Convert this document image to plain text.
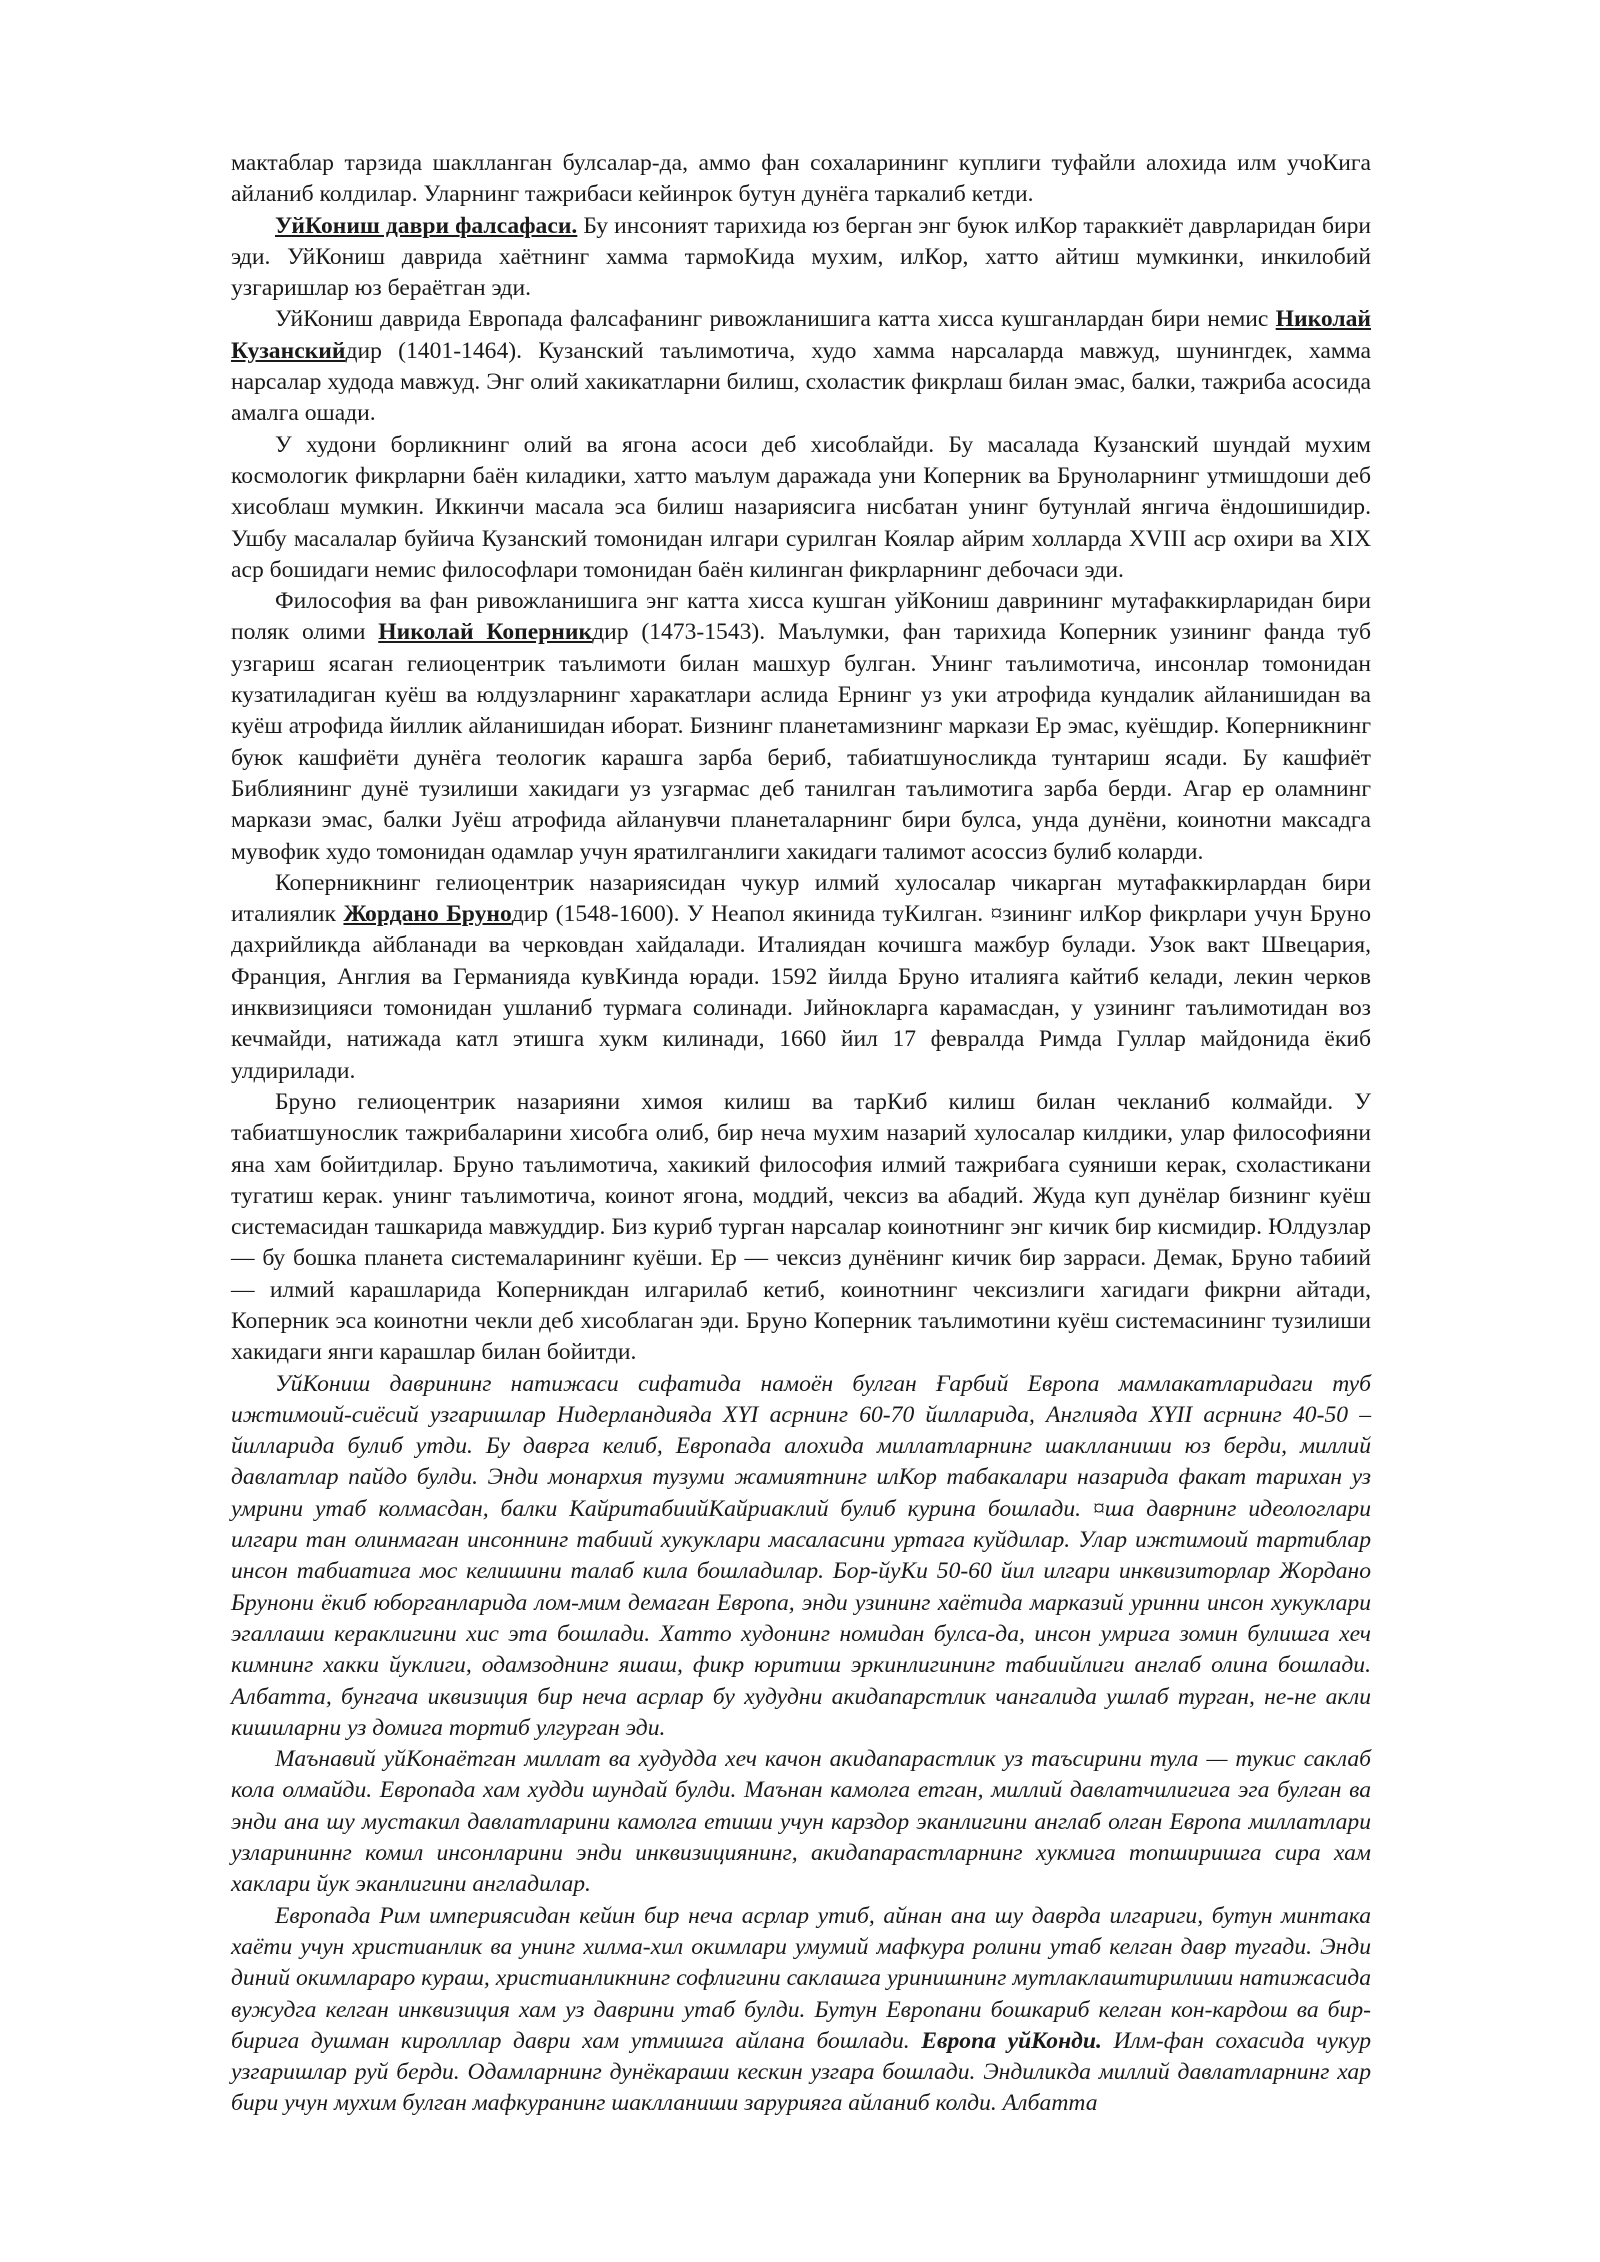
мактаблар тарзида шаклланган булсалар-да, аммо фан сохаларининг куплиги туфайли алохида илм учоКига айланиб колдилар. Уларнинг тажрибаси кейинрок бутун дунёга таркалиб кетди.

УйКониш даври фалсафаси. Бу инсоният тарихида юз берган энг буюк илКор тараккиёт даврларидан бири эди. УйКониш даврида хаётнинг хамма тармоКида мухим, илКор, хатто айтиш мумкинки, инкилобий узгаришлар юз бераётган эди.

УйКониш даврида Европада фалсафанинг ривожланишига катта хисса кушганлардан бири немис Николай Кузанскийдир (1401-1464). Кузанский таълимотича, худо хамма нарсаларда мавжуд, шунингдек, хамма нарсалар худода мавжуд. Энг олий хакикатларни билиш, схоластик фикрлаш билан эмас, балки, тажриба асосида амалга ошади.

У худони борликнинг олий ва ягона асоси деб хисоблайди. Бу масалада Кузанский шундай мухим космологик фикрларни баён киладики, хатто маълум даражада уни Коперник ва Бруноларнинг утмишдоши деб хисоблаш мумкин. Иккинчи масала эса билиш назариясига нисбатан унинг бутунлай янгича ёндошишидир. Ушбу масалалар буйича Кузанский томонидан илгари сурилган Коялар айрим холларда XVIII аср охири ва XIX аср бошидаги немис философлари томонидан баён килинган фикрларнинг дебочаси эди.

Философия ва фан ривожланишига энг катта хисса кушган уйКониш даврининг мутафаккирларидан бири поляк олими Николай Коперникдир (1473-1543). Маълумки, фан тарихида Коперник узининг фанда туб узгариш ясаган гелиоцентрик таълимоти билан машхур булган. Унинг таълимотича, инсонлар томонидан кузатиладиган куёш ва юлдузларнинг харакатлари аслида Ернинг уз уки атрофида кундалик айланишидан ва куёш атрофида йиллик айланишидан иборат. Бизнинг планетамизнинг маркази Ер эмас, куёшдир. Коперникнинг буюк кашфиёти дунёга теологик карашга зарба бериб, табиатшуносликда тунтариш ясади. Бу кашфиёт Библиянинг дунё тузилиши хакидаги уз узгармас деб танилган таълимотига зарба берди. Агар ер оламнинг маркази эмас, балки Јуёш атрофида айланувчи планеталарнинг бири булса, унда дунёни, коинотни максадга мувофик худо томонидан одамлар учун яратилганлиги хакидаги талимот асоссиз булиб коларди.

Коперникнинг гелиоцентрик назариясидан чукур илмий хулосалар чикарган мутафаккирлардан бири италиялик Жордано Брунодир (1548-1600). У Неапол якинида туКилган. ¤зининг илКор фикрлари учун Бруно дахрийликда айбланади ва черковдан хайдалади. Италиядан кочишга мажбур булади. Узок вакт Швецария, Франция, Англия ва Германияда кувКинда юради. 1592 йилда Бруно италияга кайтиб келади, лекин черков инквизицияси томонидан ушланиб турмага солинади. Јийнокларга карамасдан, у узининг таълимотидан воз кечмайди, натижада катл этишга хукм килинади, 1660 йил 17 февралда Римда Гуллар майдонида ёкиб улдирилади.

Бруно гелиоцентрик назарияни химоя килиш ва тарКиб килиш билан чекланиб колмайди. У табиатшунослик тажрибаларини хисобга олиб, бир неча мухим назарий хулосалар килдики, улар философияни яна хам бойитдилар. Бруно таълимотича, хакикий философия илмий тажрибага суяниши керак, схоластикани тугатиш керак. унинг таълимотича, коинот ягона, моддий, чексиз ва абадий. Жуда куп дунёлар бизнинг куёш системасидан ташкарида мавжуддир. Биз куриб турган нарсалар коинотнинг энг кичик бир кисмидир. Юлдузлар — бу бошка планета системаларининг куёши. Ер — чексиз дунёнинг кичик бир зарраси. Демак, Бруно табиий — илмий карашларида Коперникдан илгарилаб кетиб, коинотнинг чексизлиги хагидаги фикрни айтади, Коперник эса коинотни чекли деб хисоблаган эди. Бруно Коперник таълимотини куёш системасининг тузилиши хакидаги янги карашлар билан бойитди.

УйКониш даврининг натижаси сифатида намоён булган Ғарбий Европа мамлакатларидаги туб ижтимоий-сиёсий узгаришлар Нидерландияда XYI асрнинг 60-70 йилларида, Англияда XYII асрнинг 40-50 – йилларида булиб утди. Бу даврга келиб, Европада алохида миллатларнинг шаклланиши юз берди, миллий давлатлар пайдо булди. Энди монархия тузуми жамиятнинг илКор табакалари назарида факат тарихан уз умрини утаб колмасдан, балки КайритабиийКайриаклий булиб курина бошлади. ¤ша даврнинг идеологлари илгари тан олинмаган инсоннинг табиий хукуклари масаласини уртага куйдилар. Улар ижтимоий тартиблар инсон табиатига мос келишини талаб кила бошладилар. Бор-йуКи 50-60 йил илгари инквизиторлар Жордано Брунони ёкиб юборганларида лом-мим демаган Европа, энди узининг хаётида марказий уринни инсон хукуклари эгаллаши кераклигини хис эта бошлади. Хатто худонинг номидан булса-да, инсон умрига зомин булишга хеч кимнинг хакки йуклиги, одамзоднинг яшаш, фикр юритиш эркинлигининг табиийлиги англаб олина бошлади. Албатта, бунгача иквизиция бир неча асрлар бу худудни акидапарстлик чангалида ушлаб турган, не-не акли кишиларни уз домига тортиб улгурган эди.

Маънавий уйКонаётган миллат ва худудда хеч качон акидапарастлик уз таъсирини тула — тукис саклаб кола олмайди. Европада хам худди шундай булди. Маънан камолга етган, миллий давлатчилигига эга булган ва энди ана шу мустакил давлатларини камолга етиши учун карздор эканлигини англаб олган Европа миллатлари узларининнг комил инсонларини энди инквизициянинг, акидапарастларнинг хукмига топширишга сира хам хаклари йук эканлигини англадилар.

Европада Рим империясидан кейин бир неча асрлар утиб, айнан ана шу даврда илгариги, бутун минтака хаёти учун христианлик ва унинг хилма-хил окимлари умумий мафкура ролини утаб келган давр тугади. Энди диний окимлараро кураш, христианликнинг софлигини саклашга уринишнинг мутлаклаштирилиши натижасида вужудга келган инквизиция хам уз даврини утаб булди. Бутун Европани бошкариб келган кон-кардош ва бир-бирига душман киролллар даври хам утмишга айлана бошлади. Европа уйКонди. Илм-фан сохасида чукур узгаришлар руй берди. Одамларнинг дунёкараши кескин узгара бошлади. Эндиликда миллий давлатларнинг хар бири учун мухим булган мафкуранинг шаклланиши зарурияга айланиб колди. Албатта
